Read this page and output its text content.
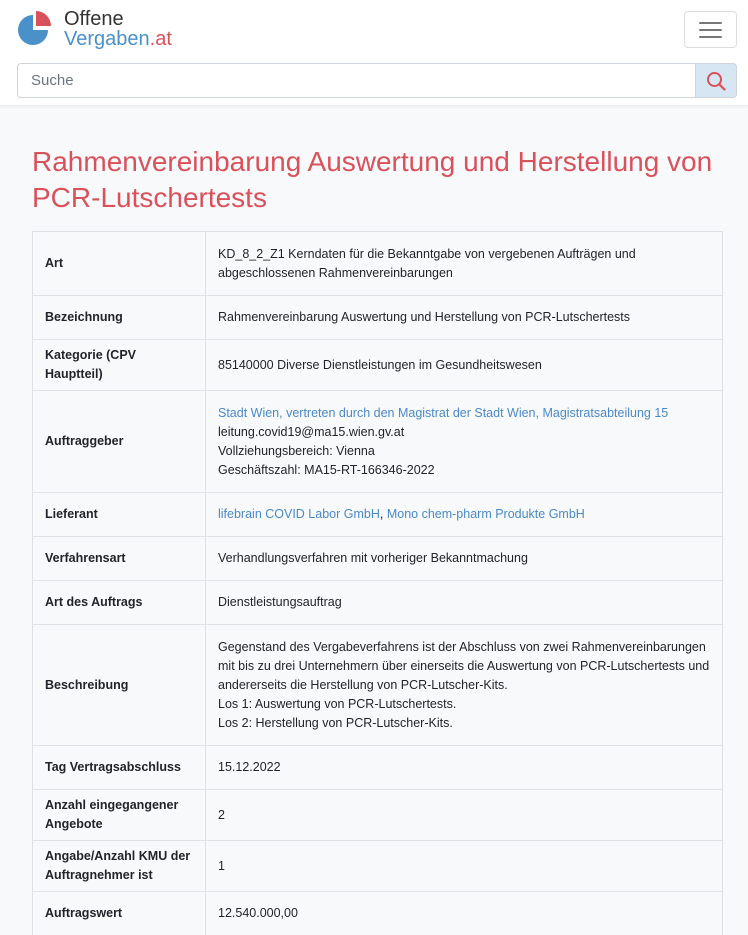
Offene
Vergaben.at
Suche
Rahmenvereinbarung Auswertung und Herstellung von PCR-Lutschertests
Art	KD_8_2_Z1 Kerndaten für die Bekanntgabe von vergebenen Aufträgen und abgeschlossenen Rahmenvereinbarungen
Bezeichnung	Rahmenvereinbarung Auswertung und Herstellung von PCR-Lutschertests
Kategorie (CPV Hauptteil)	85140000 Diverse Dienstleistungen im Gesundheitswesen
Auftraggeber	Stadt Wien, vertreten durch den Magistrat der Stadt Wien, Magistratsabteilung 15
leitung.covid19@ma15.wien.gv.at
Vollziehungsbereich: Vienna
Geschäftszahl: MA15-RT-166346-2022

Lieferant	lifebrain COVID Labor GmbH, Mono chem-pharm Produkte GmbH
Verfahrensart	Verhandlungsverfahren mit vorheriger Bekanntmachung
Art des Auftrags	Dienstleistungsauftrag
Beschreibung	Gegenstand des Vergabeverfahrens ist der Abschluss von zwei Rahmenvereinbarungen mit bis zu drei Unternehmern über einerseits die Auswertung von PCR-Lutschertests und andererseits die Herstellung von PCR-Lutscher-Kits.
Los 1: Auswertung von PCR-Lutschertests.
Los 2: Herstellung von PCR-Lutscher-Kits.

Tag Vertragsabschluss	15.12.2022
Anzahl eingegangener Angebote	2
Angabe/Anzahl KMU der Auftragnehmer ist	1
Auftragswert	12.540.000,00
